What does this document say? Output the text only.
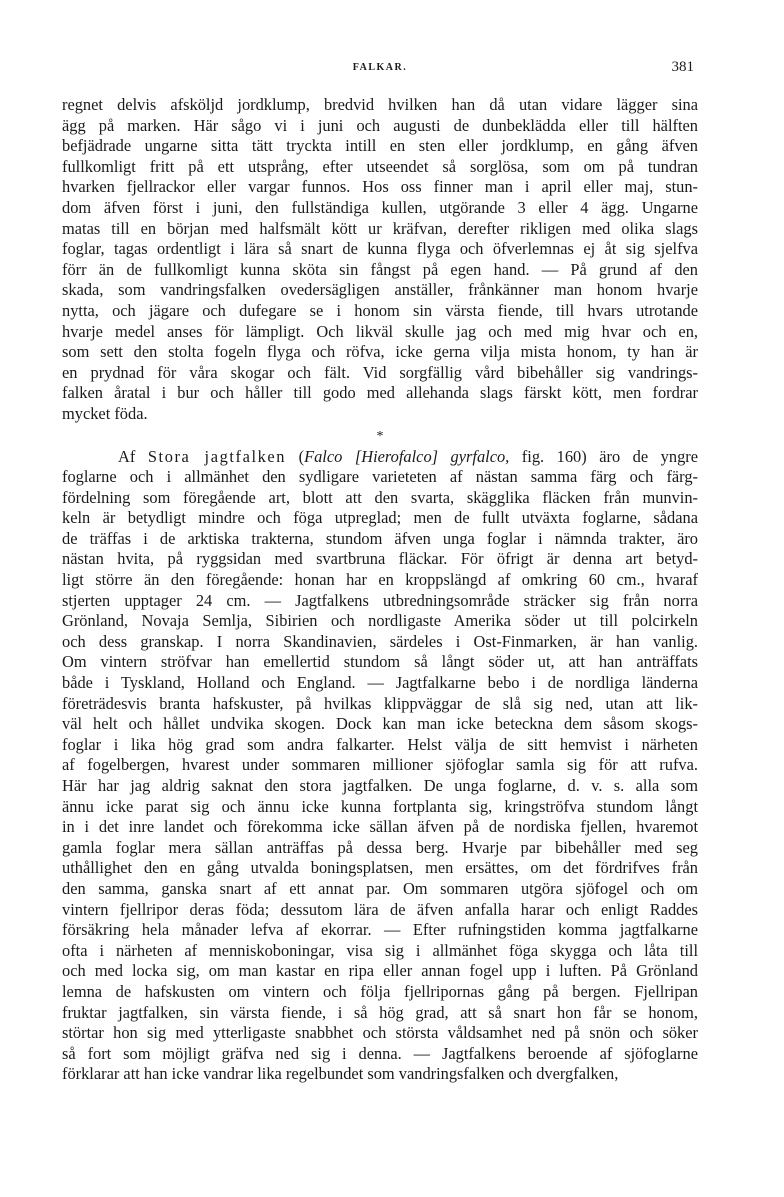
FALKAR.	381
regnet delvis afsköljd jordklump, bredvid hvilken han då utan vidare lägger sina
ägg på marken. Här sågo vi i juni och augusti de dunbeklädda eller till hälften
befjädrade ungarne sitta tätt tryckta intill en sten eller jordklump, en gång äfven
fullkomligt fritt på ett utsprång, efter utseendet så sorglösa, som om på tundran
hvarken fjellrackor eller vargar funnos. Hos oss finner man i april eller maj, stun-
dom äfven först i juni, den fullständiga kullen, utgörande 3 eller 4 ägg. Ungarne
matas till en början med halfsmält kött ur kräfvan, derefter rikligen med olika slags
foglar, tagas ordentligt i lära så snart de kunna flyga och öfverlemnas ej åt sig sjelfva
förr än de fullkomligt kunna sköta sin fångst på egen hand. — På grund af den
skada, som vandringsfalken ovedersägligen anställer, frånkänner man honom hvarje
nytta, och jägare och dufegare se i honom sin värsta fiende, till hvars utrotande
hvarje medel anses för lämpligt. Och likväl skulle jag och med mig hvar och en,
som sett den stolta fogeln flyga och röfva, icke gerna vilja mista honom, ty han är
en prydnad för våra skogar och fält. Vid sorgfällig vård bibehåller sig vandrings-
falken åratal i bur och håller till godo med allehanda slags färskt kött, men fordrar
mycket föda.
*
Af Stora jagtfalken (Falco [Hierofalco] gyrfalco, fig. 160) äro de yngre
foglarne och i allmänhet den sydligare varieteten af nästan samma färg och färg-
fördelning som föregående art, blott att den svarta, skägglika fläcken från munvin-
keln är betydligt mindre och föga utpreglad; men de fullt utväxta foglarne, sådana
de träffas i de arktiska trakterna, stundom äfven unga foglar i nämnda trakter, äro
nästan hvita, på ryggsidan med svartbruna fläckar. För öfrigt är denna art betyd-
ligt större än den föregående: honan har en kroppslängd af omkring 60 cm., hvaraf
stjerten upptager 24 cm. — Jagtfalkens utbredningsområde sträcker sig från norra
Grönland, Novaja Semlja, Sibirien och nordligaste Amerika söder ut till polcirkeln
och dess granskap. I norra Skandinavien, särdeles i Ost-Finmarken, är han vanlig.
Om vintern ströfvar han emellertid stundom så långt söder ut, att han anträffats
både i Tyskland, Holland och England. — Jagtfalkarne bebo i de nordliga länderna
företrädesvis branta hafskuster, på hvilkas klippväggar de slå sig ned, utan att lik-
väl helt och hållet undvika skogen. Dock kan man icke beteckna dem såsom skogs-
foglar i lika hög grad som andra falkarter. Helst välja de sitt hemvist i närheten
af fogelbergen, hvarest under sommaren millioner sjöfoglar samla sig för att rufva.
Här har jag aldrig saknat den stora jagtfalken. De unga foglarne, d. v. s. alla som
ännu icke parat sig och ännu icke kunna fortplanta sig, kringströfva stundom långt
in i det inre landet och förekomma icke sällan äfven på de nordiska fjellen, hvaremot
gamla foglar mera sällan anträffas på dessa berg. Hvarje par bibehåller med seg
uthållighet den en gång utvalda boningsplatsen, men ersättes, om det fördrifves från
den samma, ganska snart af ett annat par. Om sommaren utgöra sjöfogel och om
vintern fjellripor deras föda; dessutom lära de äfven anfalla harar och enligt Raddes
försäkring hela månader lefva af ekorrar. — Efter rufningstiden komma jagtfalkarne
ofta i närheten af menniskoboningar, visa sig i allmänhet föga skygga och låta till
och med locka sig, om man kastar en ripa eller annan fogel upp i luften. På Grönland
lemna de hafskusten om vintern och följa fjellripornas gång på bergen. Fjellripan
fruktar jagtfalken, sin värsta fiende, i så hög grad, att så snart hon får se honom,
störtar hon sig med ytterligaste snabbhet och största våldsamhet ned på snön och söker
så fort som möjligt gräfva ned sig i denna. — Jagtfalkens beroende af sjöfoglarne
förklarar att han icke vandrar lika regelbundet som vandringsfalken och dvergfalken,
